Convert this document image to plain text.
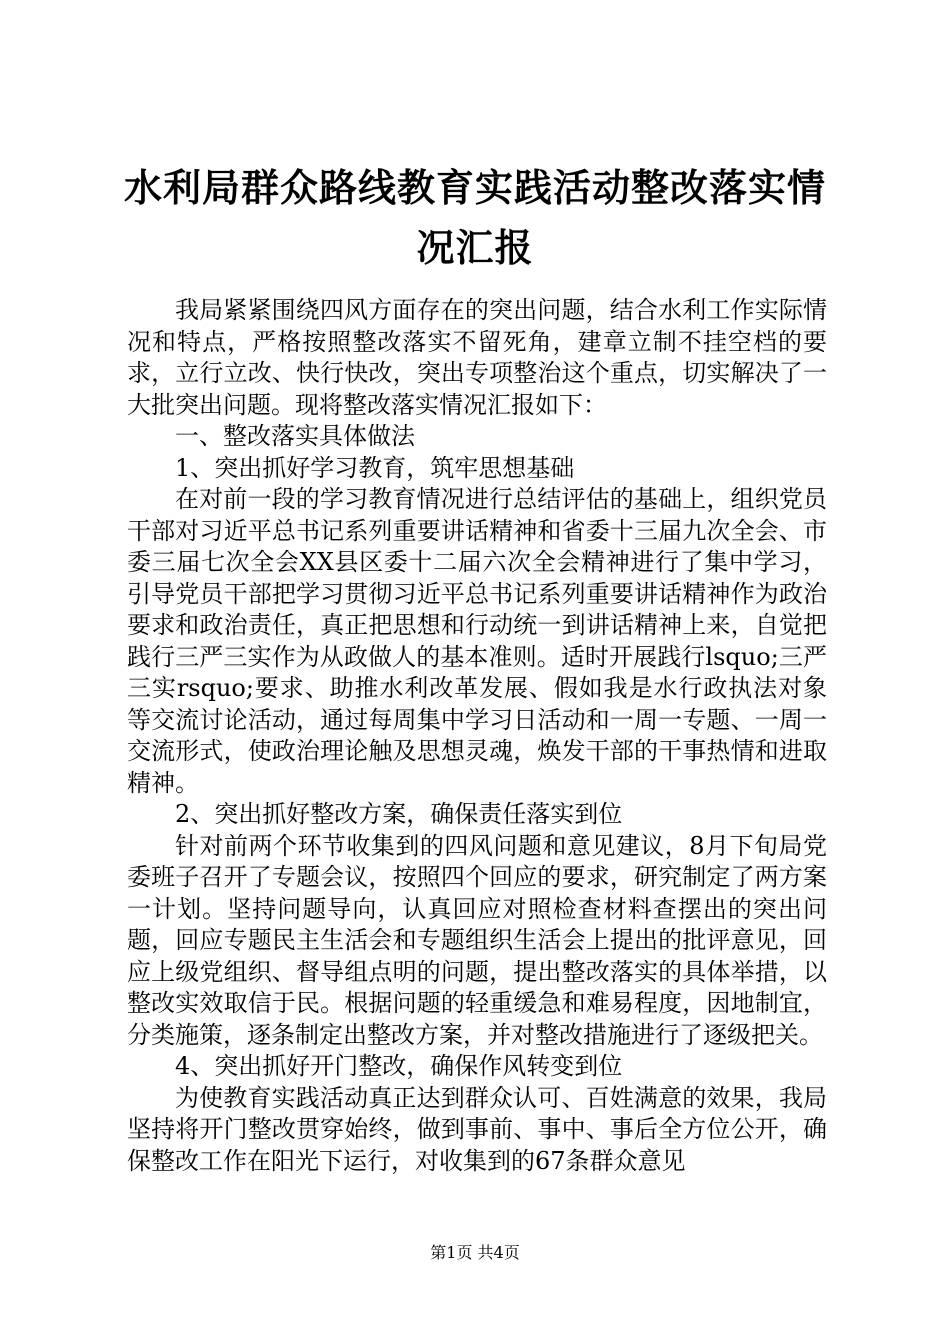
水利局群众路线教育实践活动整改落实情况汇报

我局紧紧围绕四风方面存在的突出问题，结合水利工作实际情况和特点，严格按照整改落实不留死角，建章立制不挂空档的要求，立行立改、快行快改，突出专项整治这个重点，切实解决了一大批突出问题。现将整改落实情况汇报如下：

一、整改落实具体做法

1、突出抓好学习教育，筑牢思想基础

在对前一段的学习教育情况进行总结评估的基础上，组织党员干部对习近平总书记系列重要讲话精神和省委十三届九次全会、市委三届七次全会XX县区委十二届六次全会精神进行了集中学习，引导党员干部把学习贯彻习近平总书记系列重要讲话精神作为政治要求和政治责任，真正把思想和行动统一到讲话精神上来，自觉把践行三严三实作为从政做人的基本准则。适时开展践行lsquo;三严三实rsquo;要求、助推水利改革发展、假如我是水行政执法对象等交流讨论活动，通过每周集中学习日活动和一周一专题、一周一交流形式，使政治理论触及思想灵魂，焕发干部的干事热情和进取精神。

2、突出抓好整改方案，确保责任落实到位

针对前两个环节收集到的四风问题和意见建议，8月下旬局党委班子召开了专题会议，按照四个回应的要求，研究制定了两方案一计划。坚持问题导向，认真回应对照检查材料查摆出的突出问题，回应专题民主生活会和专题组织生活会上提出的批评意见，回应上级党组织、督导组点明的问题，提出整改落实的具体举措，以整改实效取信于民。根据问题的轻重缓急和难易程度，因地制宜，分类施策，逐条制定出整改方案，并对整改措施进行了逐级把关。

4、突出抓好开门整改，确保作风转变到位

为使教育实践活动真正达到群众认可、百姓满意的效果，我局坚持将开门整改贯穿始终，做到事前、事中、事后全方位公开，确保整改工作在阳光下运行，对收集到的67条群众意见

第1页 共4页
